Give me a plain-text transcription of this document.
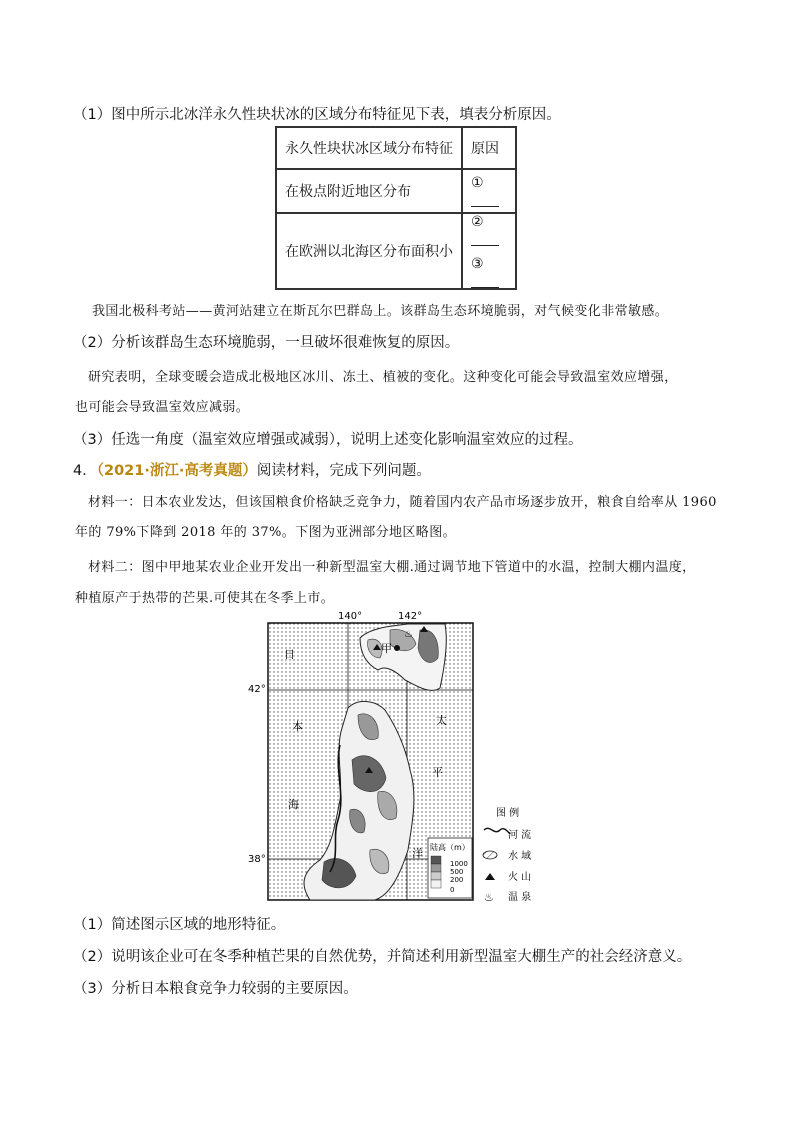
（1）图中所示北冰洋永久性块状冰的区域分布特征见下表，填表分析原因。
永久性块状冰区域分布特征	原因
在极点附近地区分布	①
在欧洲以北海区分布面积小	②
③
我国北极科考站——黄河站建立在斯瓦尔巴群岛上。该群岛生态环境脆弱，对气候变化非常敏感。
（2）分析该群岛生态环境脆弱，一旦破坏很难恢复的原因。
研究表明，全球变暖会造成北极地区冰川、冻土、植被的变化。这种变化可能会导致温室效应增强，
也可能会导致温室效应减弱。
（3）任选一角度（温室效应增强或减弱），说明上述变化影响温室效应的过程。
4．（2021·浙江·高考真题）阅读材料，完成下列问题。
材料一：日本农业发达，但该国粮食价格缺乏竞争力，随着国内农产品市场逐步放开，粮食自给率从 1960
年的 79%下降到 2018 年的 37%。下图为亚洲部分地区略图。
材料二：图中甲地某农业企业开发出一种新型温室大棚.通过调节地下管道中的水温，控制大棚内温度，
种植原产于热带的芒果.可使其在冬季上市。
140°	142°
42°
38°
♨
甲
日
本
海
太
平
洋 陆高（m）
1000
500
200
0
图 例
河 流
水 域
火 山
♨ 温 泉
（1）简述图示区域的地形特征。
（2）说明该企业可在冬季种植芒果的自然优势，并简述利用新型温室大棚生产的社会经济意义。
（3）分析日本粮食竞争力较弱的主要原因。
